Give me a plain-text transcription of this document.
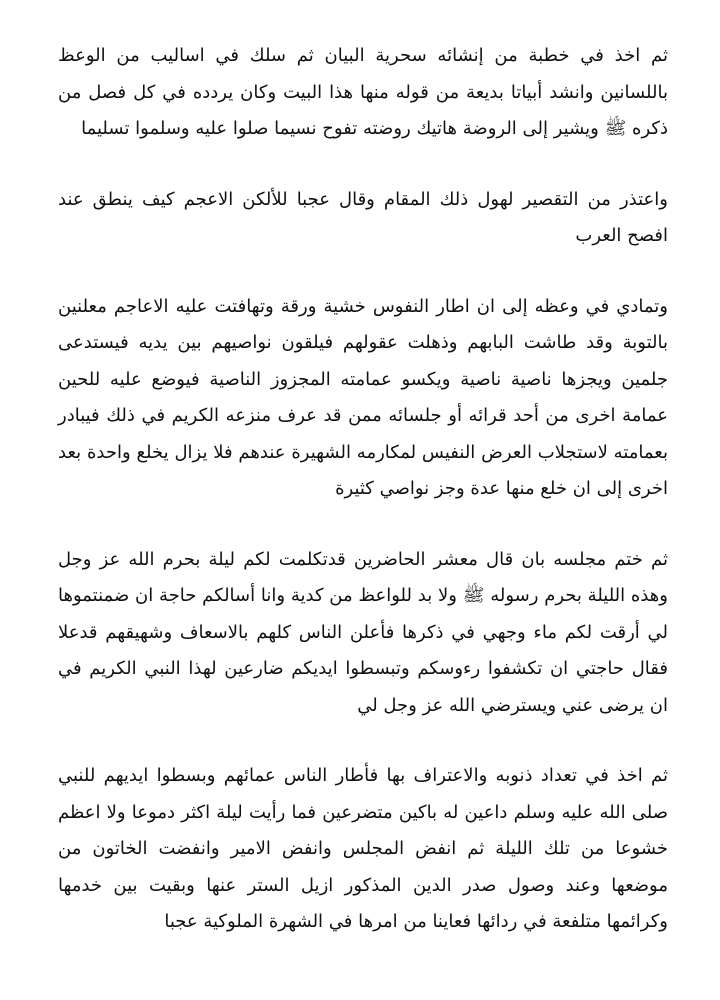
ثم اخذ في خطبة من إنشائه سحرية البيان ثم سلك في اساليب من الوعظ باللسانين وانشد أبياتا بديعة من قوله منها هذا البيت وكان يردده في كل فصل من ذكره ﷺ ويشير إلى الروضة هاتيك روضته تفوح نسيما صلوا عليه وسلموا تسليما

واعتذر من التقصير لهول ذلك المقام وقال عجبا للألكن الاعجم كيف ينطق عند افصح العرب

وتمادي في وعظه إلى ان اطار النفوس خشية ورقة وتهافتت عليه الاعاجم معلنين بالتوبة وقد طاشت البابهم وذهلت عقولهم فيلقون نواصيهم بين يديه فيستدعى جلمين ويجزها ناصية ناصية ويكسو عمامته المجزوز الناصية فيوضع عليه للحين عمامة اخرى من أحد قرائه أو جلسائه ممن قد عرف منزعه الكريم في ذلك فيبادر بعمامته لاستجلاب العرض النفيس لمكارمه الشهيرة عندهم فلا يزال يخلع واحدة بعد اخرى إلى ان خلع منها عدة وجز نواصي كثيرة

ثم ختم مجلسه بان قال معشر الحاضرين قدتكلمت لكم ليلة بحرم الله عز وجل وهذه الليلة بحرم رسوله ﷺ ولا بد للواعظ من كدية وانا أسالكم حاجة ان ضمنتموها لي أرقت لكم ماء وجهي في ذكرها فأعلن الناس كلهم بالاسعاف وشهيقهم قدعلا فقال حاجتي ان تكشفوا رءوسكم وتبسطوا ايديكم ضارعين لهذا النبي الكريم في ان يرضى عني ويسترضي الله عز وجل لي

ثم اخذ في تعداد ذنوبه والاعتراف بها فأطار الناس عمائهم وبسطوا ايديهم للنبي صلى الله عليه وسلم داعين له باكين متضرعين فما رأيت ليلة اكثر دموعا ولا اعظم خشوعا من تلك الليلة ثم انفض المجلس وانفض الامير وانفضت الخاتون من موضعها وعند وصول صدر الدين المذكور ازيل الستر عنها وبقيت بين خدمها وكرائمها متلفعة في ردائها فعاينا من امرها في الشهرة الملوكية عجبا
